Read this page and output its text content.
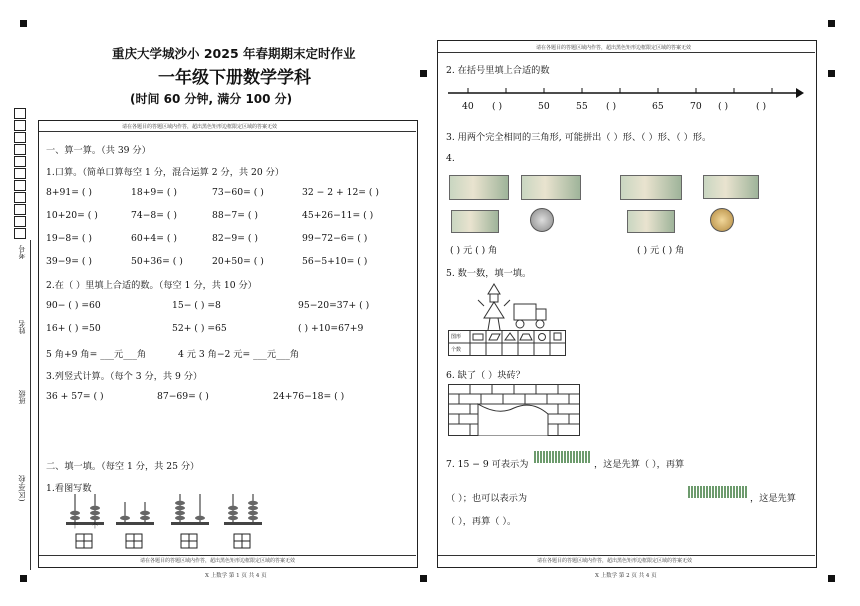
重庆大学城沙小 2025 年春期期末定时作业
一年级下册数学学科
(时间 60 分钟, 满分 100 分)
考号
姓名
班级
(区)学校
请在各题目的答题区域内作答，超出黑色矩形边框限定区域的答案无效
一、算一算。（共 39 分）
1.口算。（简单口算每空 1 分，混合运算 2 分，共 20 分）
8+91= ( )	18+9= ( )	73−60= ( )	32 − 2 + 12= ( )
10+20= ( )	74−8= ( )	88−7= ( )	45+26−11= ( )
19−8= ( )	60+4= ( )	82−9= ( )	99−72−6= ( )
39−9= ( )	50+36= ( )	20+50= ( )	56−5+10= ( )
2.在（ ）里填上合适的数。（每空 1 分，共 10 分）
90− ( ) =60	15− ( ) =8	95−20=37+ ( )
16+ ( ) =50	52+ ( ) =65	( ) +10=67+9
5 角+9 角= ___元___角	4 元 3 角−2 元= ___元___角
3.列竖式计算。（每个 3 分，共 9 分）
36 + 57= ( )	87−69= ( )	24+76−18= ( )
二、填一填。（每空 1 分，共 25 分）
1.看图写数
十 个
请在各题目的答题区域内作答，超出黑色矩形边框限定区域的答案无效
X 上数学 第 1 页 共 4 页
请在各题目的答题区域内作答，超出黑色矩形边框限定区域的答案无效
2. 在括号里填上合适的数
40 ( )	50	55 ( )	65	70 ( )	( )
3. 用两个完全相同的三角形, 可能拼出（ ）形、（ ）形、（ ）形。
4.
( ) 元 ( ) 角	( ) 元 ( ) 角
5. 数一数，填一填。
图形
个数
6. 缺了（ ）块砖？
7. 15 − 9 可表示为	，这是先算（ ），再算
（ ）；也可以表示为	，这是先算
（ ），再算（ ）。
请在各题目的答题区域内作答，超出黑色矩形边框限定区域的答案无效
X 上数学 第 2 页 共 4 页
